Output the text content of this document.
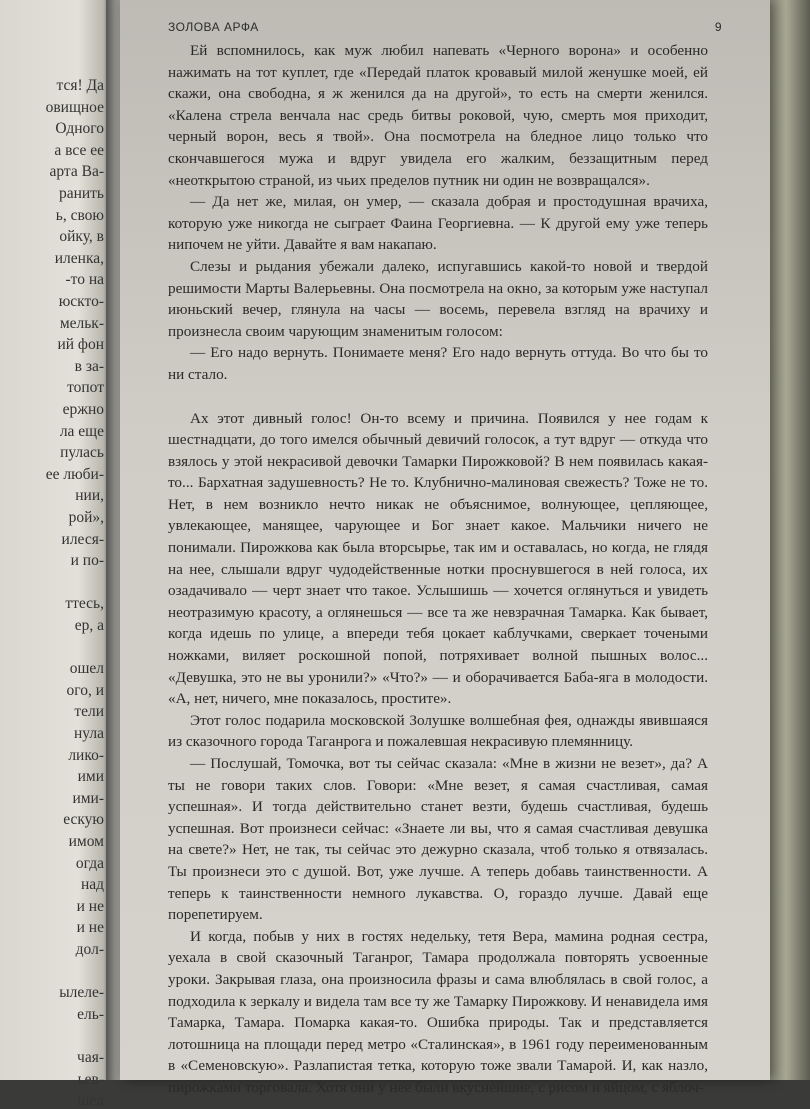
тся! Да
овищное
Одного
а все ее
арта Ва-
ранить
ь, свою
ойку, в
иленка,
-то на
юскто-
мельк-
ий фон
в за-
топот
ержно
ла еще
пулась
ее люби-
нии,
рой»,
илеся-
и по-
ттесь,
ер, а
ошел
ого, и
тели
нула
лико-
ими
ими-
ескую
имом
огда
над
и не
и не
дол-
ылеле-
ель-
чая-
ьев-
шел
ЗОЛОВА АРФА	9

Ей вспомнилось, как муж любил напевать «Черного ворона» и особенно нажимать на тот куплет, где «Передай платок кровавый милой женушке моей, ей скажи, она свободна, я ж женился да на другой», то есть на смерти женился. «Калена стрела венчала нас средь битвы роковой, чую, смерть моя приходит, черный ворон, весь я твой». Она посмотрела на бледное лицо только что скончавшегося мужа и вдруг увидела его жалким, беззащитным перед «неоткрытою страной, из чьих пределов путник ни один не возвращался».

— Да нет же, милая, он умер, — сказала добрая и простодушная врачиха, которую уже никогда не сыграет Фаина Георгиевна. — К другой ему уже теперь нипочем не уйти. Давайте я вам накапаю.

Слезы и рыдания убежали далеко, испугавшись какой-то новой и твердой решимости Марты Валерьевны. Она посмотрела на окно, за которым уже наступал июньский вечер, глянула на часы — восемь, перевела взгляд на врачиху и произнесла своим чарующим знаменитым голосом:

— Его надо вернуть. Понимаете меня? Его надо вернуть оттуда. Во что бы то ни стало.

Ах этот дивный голос! Он-то всему и причина. Появился у нее годам к шестнадцати, до того имелся обычный девичий голосок, а тут вдруг — откуда что взялось у этой некрасивой девочки Тамарки Пирожковой? В нем появилась какая-то... Бархатная задушевность? Не то. Клубнично-малиновая свежесть? Тоже не то. Нет, в нем возникло нечто никак не объяснимое, волнующее, цепляющее, увлекающее, манящее, чарующее и Бог знает какое. Мальчики ничего не понимали. Пирожкова как была вторсырье, так им и оставалась, но когда, не глядя на нее, слышали вдруг чудодейственные нотки проснувшегося в ней голоса, их озадачивало — черт знает что такое. Услышишь — хочется оглянуться и увидеть неотразимую красоту, а оглянешься — все та же невзрачная Тамарка. Как бывает, когда идешь по улице, а впереди тебя цокает каблучками, сверкает точеными ножками, виляет роскошной попой, потряхивает волной пышных волос... «Девушка, это не вы уронили?» «Что?» — и оборачивается Баба-яга в молодости. «А, нет, ничего, мне показалось, простите».

Этот голос подарила московской Золушке волшебная фея, однажды явившаяся из сказочного города Таганрога и пожалевшая некрасивую племянницу.

— Послушай, Томочка, вот ты сейчас сказала: «Мне в жизни не везет», да? А ты не говори таких слов. Говори: «Мне везет, я самая счастливая, самая успешная». И тогда действительно станет везти, будешь счастливая, будешь успешная. Вот произнеси сейчас: «Знаете ли вы, что я самая счастливая девушка на свете?» Нет, не так, ты сейчас это дежурно сказала, чтоб только я отвязалась. Ты произнеси это с душой. Вот, уже лучше. А теперь добавь таинственности. А теперь к таинственности немного лукавства. О, гораздо лучше. Давай еще порепетируем.

И когда, побыв у них в гостях недельку, тетя Вера, мамина родная сестра, уехала в свой сказочный Таганрог, Тамара продолжала повторять усвоенные уроки. Закрывая глаза, она произносила фразы и сама влюблялась в свой голос, а подходила к зеркалу и видела там все ту же Тамарку Пирожкову. И ненавидела имя Тамарка, Тамара. Помарка какая-то. Ошибка природы. Так и представляется лотошница на площади перед метро «Сталинская», в 1961 году переименованным в «Семеновскую». Разлапистая тетка, которую тоже звали Тамарой. И, как назло, пирожками торговала. Хотя они у нее были вкуснейшие, с рисом и яйцом, с яблоч-
